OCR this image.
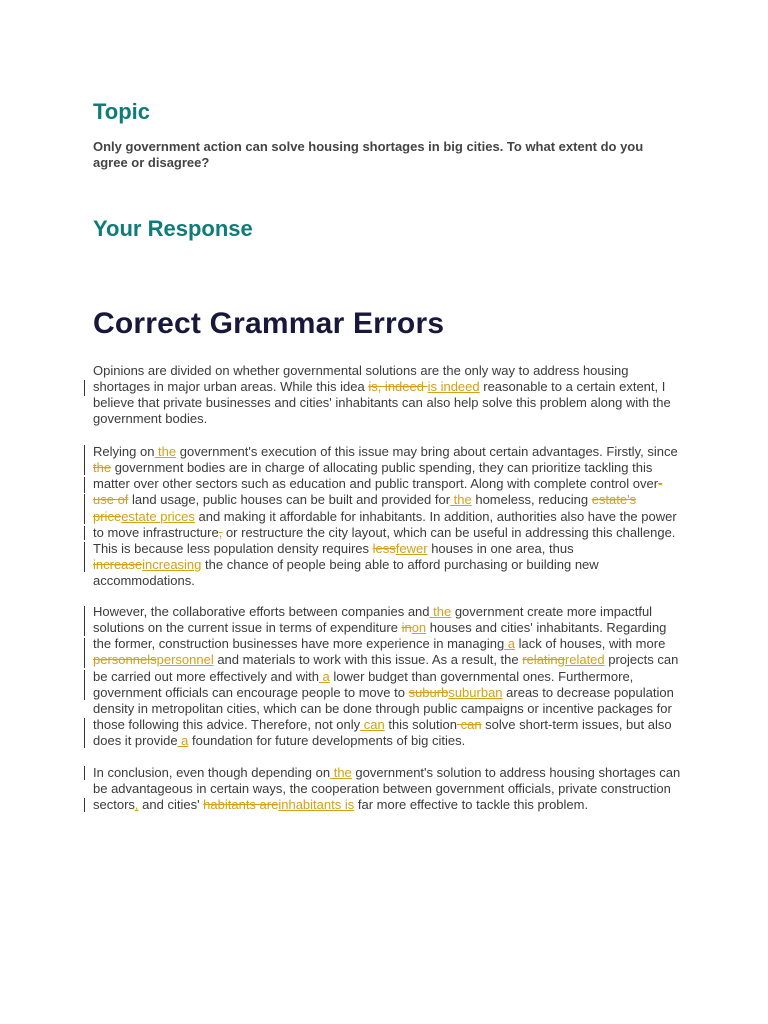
Topic

Only government action can solve housing shortages in big cities. To what extent do you agree or disagree?

Your Response
Correct Grammar Errors

Opinions are divided on whether governmental solutions are the only way to address housing shortages in major urban areas. While this idea is, indeed is indeed reasonable to a certain extent, I believe that private businesses and cities' inhabitants can also help solve this problem along with the government bodies.

Relying on the government's execution of this issue may bring about certain advantages. Firstly, since the government bodies are in charge of allocating public spending, they can prioritize tackling this matter over other sectors such as education and public transport. Along with complete control over-use of land usage, public houses can be built and provided for the homeless, reducing estate's priceestate prices and making it affordable for inhabitants. In addition, authorities also have the power to move infrastructure, or restructure the city layout, which can be useful in addressing this challenge. This is because less population density requires lessfewer houses in one area, thus increaseincreasing the chance of people being able to afford purchasing or building new accommodations.

However, the collaborative efforts between companies and the government create more impactful solutions on the current issue in terms of expenditure inon houses and cities' inhabitants. Regarding the former, construction businesses have more experience in managing a lack of houses, with more personnelspersonnel and materials to work with this issue. As a result, the relatingrelated projects can be carried out more effectively and with a lower budget than governmental ones. Furthermore, government officials can encourage people to move to suburbsuburban areas to decrease population density in metropolitan cities, which can be done through public campaigns or incentive packages for those following this advice. Therefore, not only can this solution can solve short-term issues, but also does it provide a foundation for future developments of big cities.

In conclusion, even though depending on the government's solution to address housing shortages can be advantageous in certain ways, the cooperation between government officials, private construction sectors, and cities' habitants areinhabitants is far more effective to tackle this problem.
